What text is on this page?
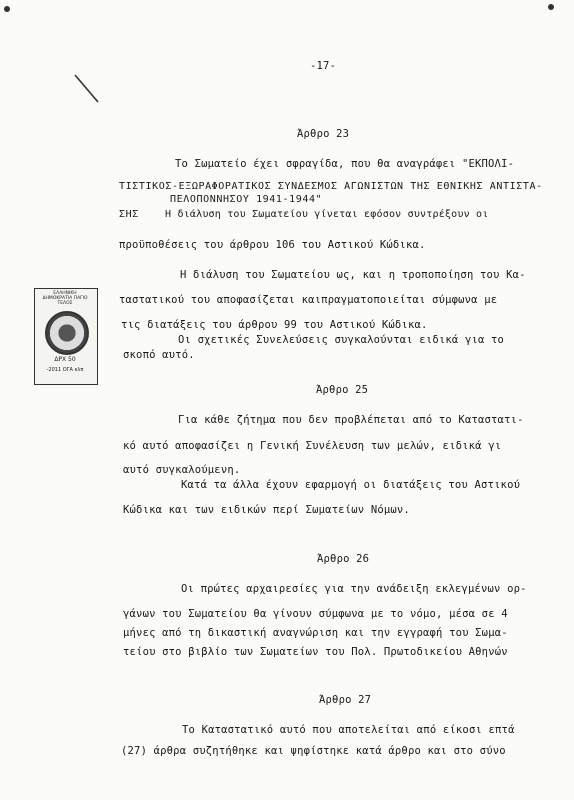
-17-
Άρθρο 23
Το Σωματείο έχει σφραγίδα, που θα αναγράφει "ΕΚΠΟΛΙ-
ΤΙΣΤΙΚΟΣ-ΕΞΩΡΑΦΟΡΑΤΙΚΟΣ ΣΥΝΔΕΣΜΟΣ ΑΓΩΝΙΣΤΩΝ ΤΗΣ ΕΘΝΙΚΗΣ ΑΝΤΙΣΤΑ-
ΣΗΣ
ΠΕΛΟΠΟΝΝΗΣΟΥ 1941-1944"
Η διάλυση του Σωματείου γίνεται εφόσον συντρέξουν οι
προϋποθέσεις του άρθρου 106 του Αστικού Κώδικα.
Η διάλυση του Σωματείου ως, και η τροποποίηση του Κα-
ταστατικού του αποφασίζεται καιπραγματοποιείται σύμφωνα με
τις διατάξεις του άρθρου 99 του Αστικού Κώδικα.
Οι σχετικές Συνελεύσεις συγκαλούνται ειδικά για το
σκοπό αυτό.
ΕΛΛΗΝΙΚΗ ΔΗΜΟΚΡΑΤΙΑ ΠΑΓΙΟ ΤΕΛΟΣ
ΔΡΧ 50
-2011 ΟΓΑ κλπ
Άρθρο 25
Για κάθε ζήτημα που δεν προβλέπεται από το Καταστατι-
κό αυτό αποφασίζει η Γενική Συνέλευση των μελών, ειδικά γι
αυτό συγκαλούμενη.
Κατά τα άλλα έχουν εφαρμογή οι διατάξεις του Αστικού
Κώδικα και των ειδικών περί Σωματείων Νόμων.
Άρθρο 26
Οι πρώτες αρχαιρεσίες για την ανάδειξη εκλεγμένων ορ-
γάνων του Σωματείου θα γίνουν σύμφωνα με το νόμο, μέσα σε 4
μήνες από τη δικαστική αναγνώριση και την εγγραφή του Σωμα-
τείου στο βιβλίο των Σωματείων του Πολ. Πρωτοδικείου Αθηνών
Άρθρο 27
Το Καταστατικό αυτό που αποτελείται από είκοσι επτά
(27) άρθρα συζητήθηκε και ψηφίστηκε κατά άρθρο και στο σύνο
